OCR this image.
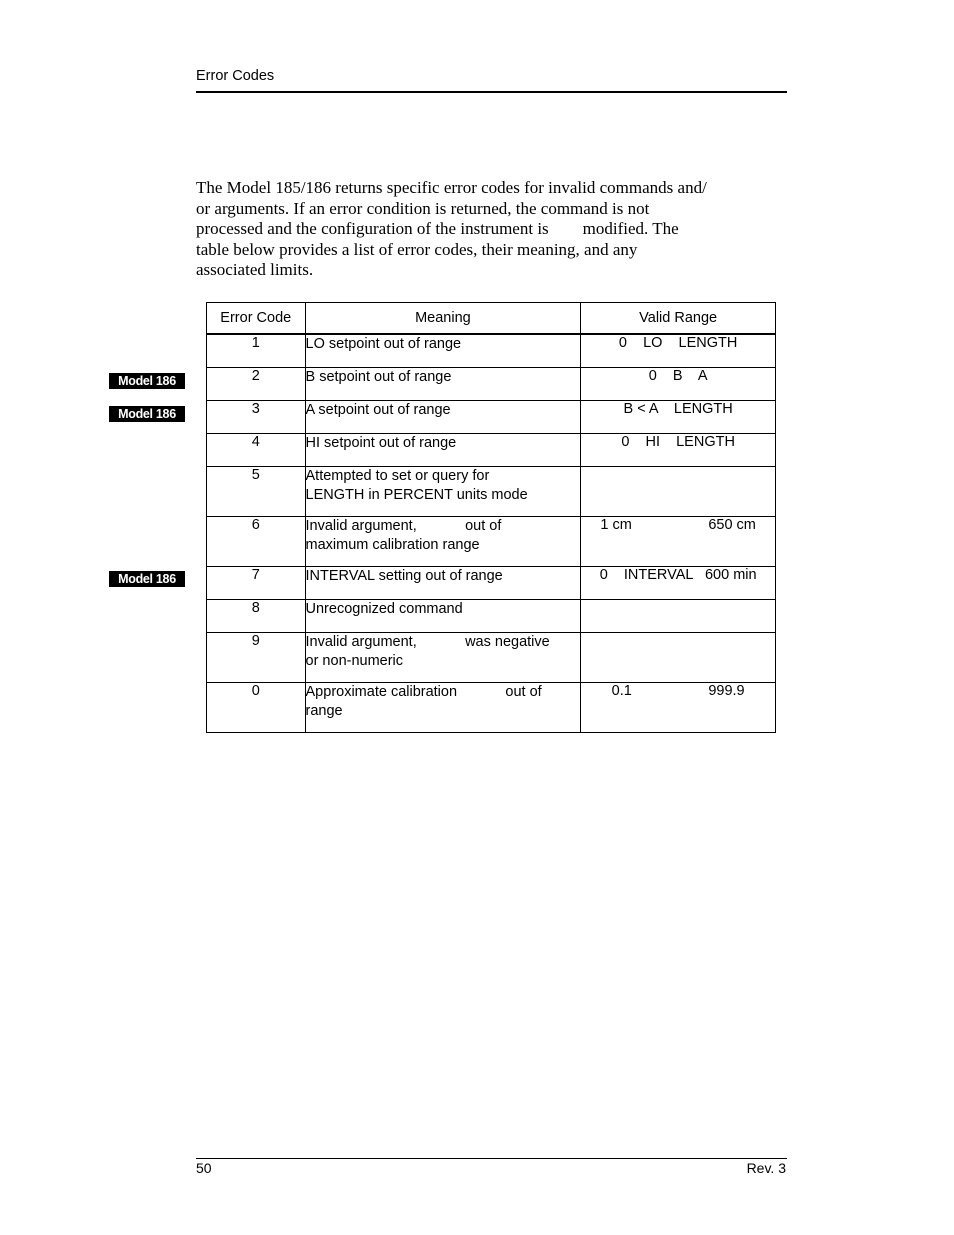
Error Codes
The Model 185/186 returns specific error codes for invalid commands and/
or arguments. If an error condition is returned, the command is not
processed and the configuration of the instrument is        modified. The
table below provides a list of error codes, their meaning, and any
associated limits.
Error Code	Meaning	Valid Range
1	LO setpoint out of range	0    LO    LENGTH
2	B setpoint out of range	0    B    A
3	A setpoint out of range	B < A    LENGTH
4	HI setpoint out of range	0    HI    LENGTH
5	Attempted to set or query for
LENGTH in PERCENT units mode	

6	Invalid argument,            out of
maximum calibration range	1 cm                   650 cm
7	INTERVAL setting out of range	0    INTERVAL   600 min
8	Unrecognized command	

9	Invalid argument,            was negative
or non-numeric	

0	Approximate calibration            out of
range	0.1                   999.9
Model 186
Model 186
Model 186
50	Rev. 3
